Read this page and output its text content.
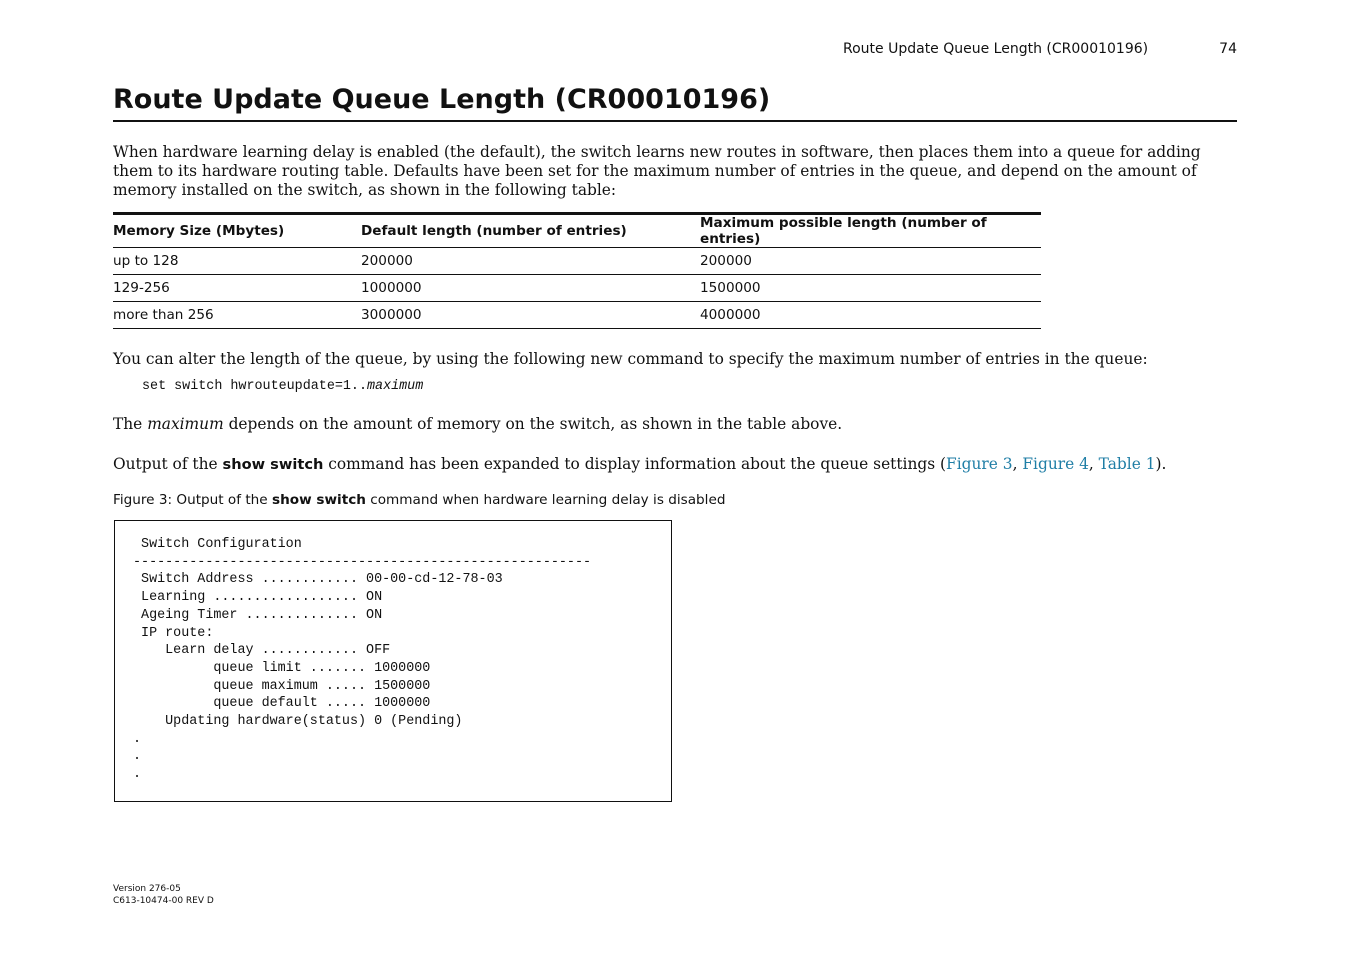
Route Update Queue Length (CR00010196)	74
Route Update Queue Length (CR00010196)

When hardware learning delay is enabled (the default), the switch learns new routes in software, then places them into a queue for adding them to its hardware routing table. Defaults have been set for the maximum number of entries in the queue, and depend on the amount of memory installed on the switch, as shown in the following table:

Memory Size (Mbytes)	Default length (number of entries)	Maximum possible length (number of entries)
up to 128	200000	200000
129-256	1000000	1500000
more than 256	3000000	4000000

You can alter the length of the queue, by using the following new command to specify the maximum number of entries in the queue:

set switch hwrouteupdate=1..maximum

The maximum depends on the amount of memory on the switch, as shown in the table above.

Output of the show switch command has been expanded to display information about the queue settings (Figure 3, Figure 4, Table 1).

Figure 3: Output of the show switch command when hardware learning delay is disabled
Switch Configuration
---------------------------------------------------------
Switch Address ............ 00-00-cd-12-78-03
Learning .................. ON
Ageing Timer .............. ON
IP route:
Learn delay ............ OFF
queue limit ....... 1000000
queue maximum ..... 1500000
queue default ..... 1000000
Updating hardware(status) 0 (Pending)
.
.
.
Version 276-05
C613-10474-00 REV D
